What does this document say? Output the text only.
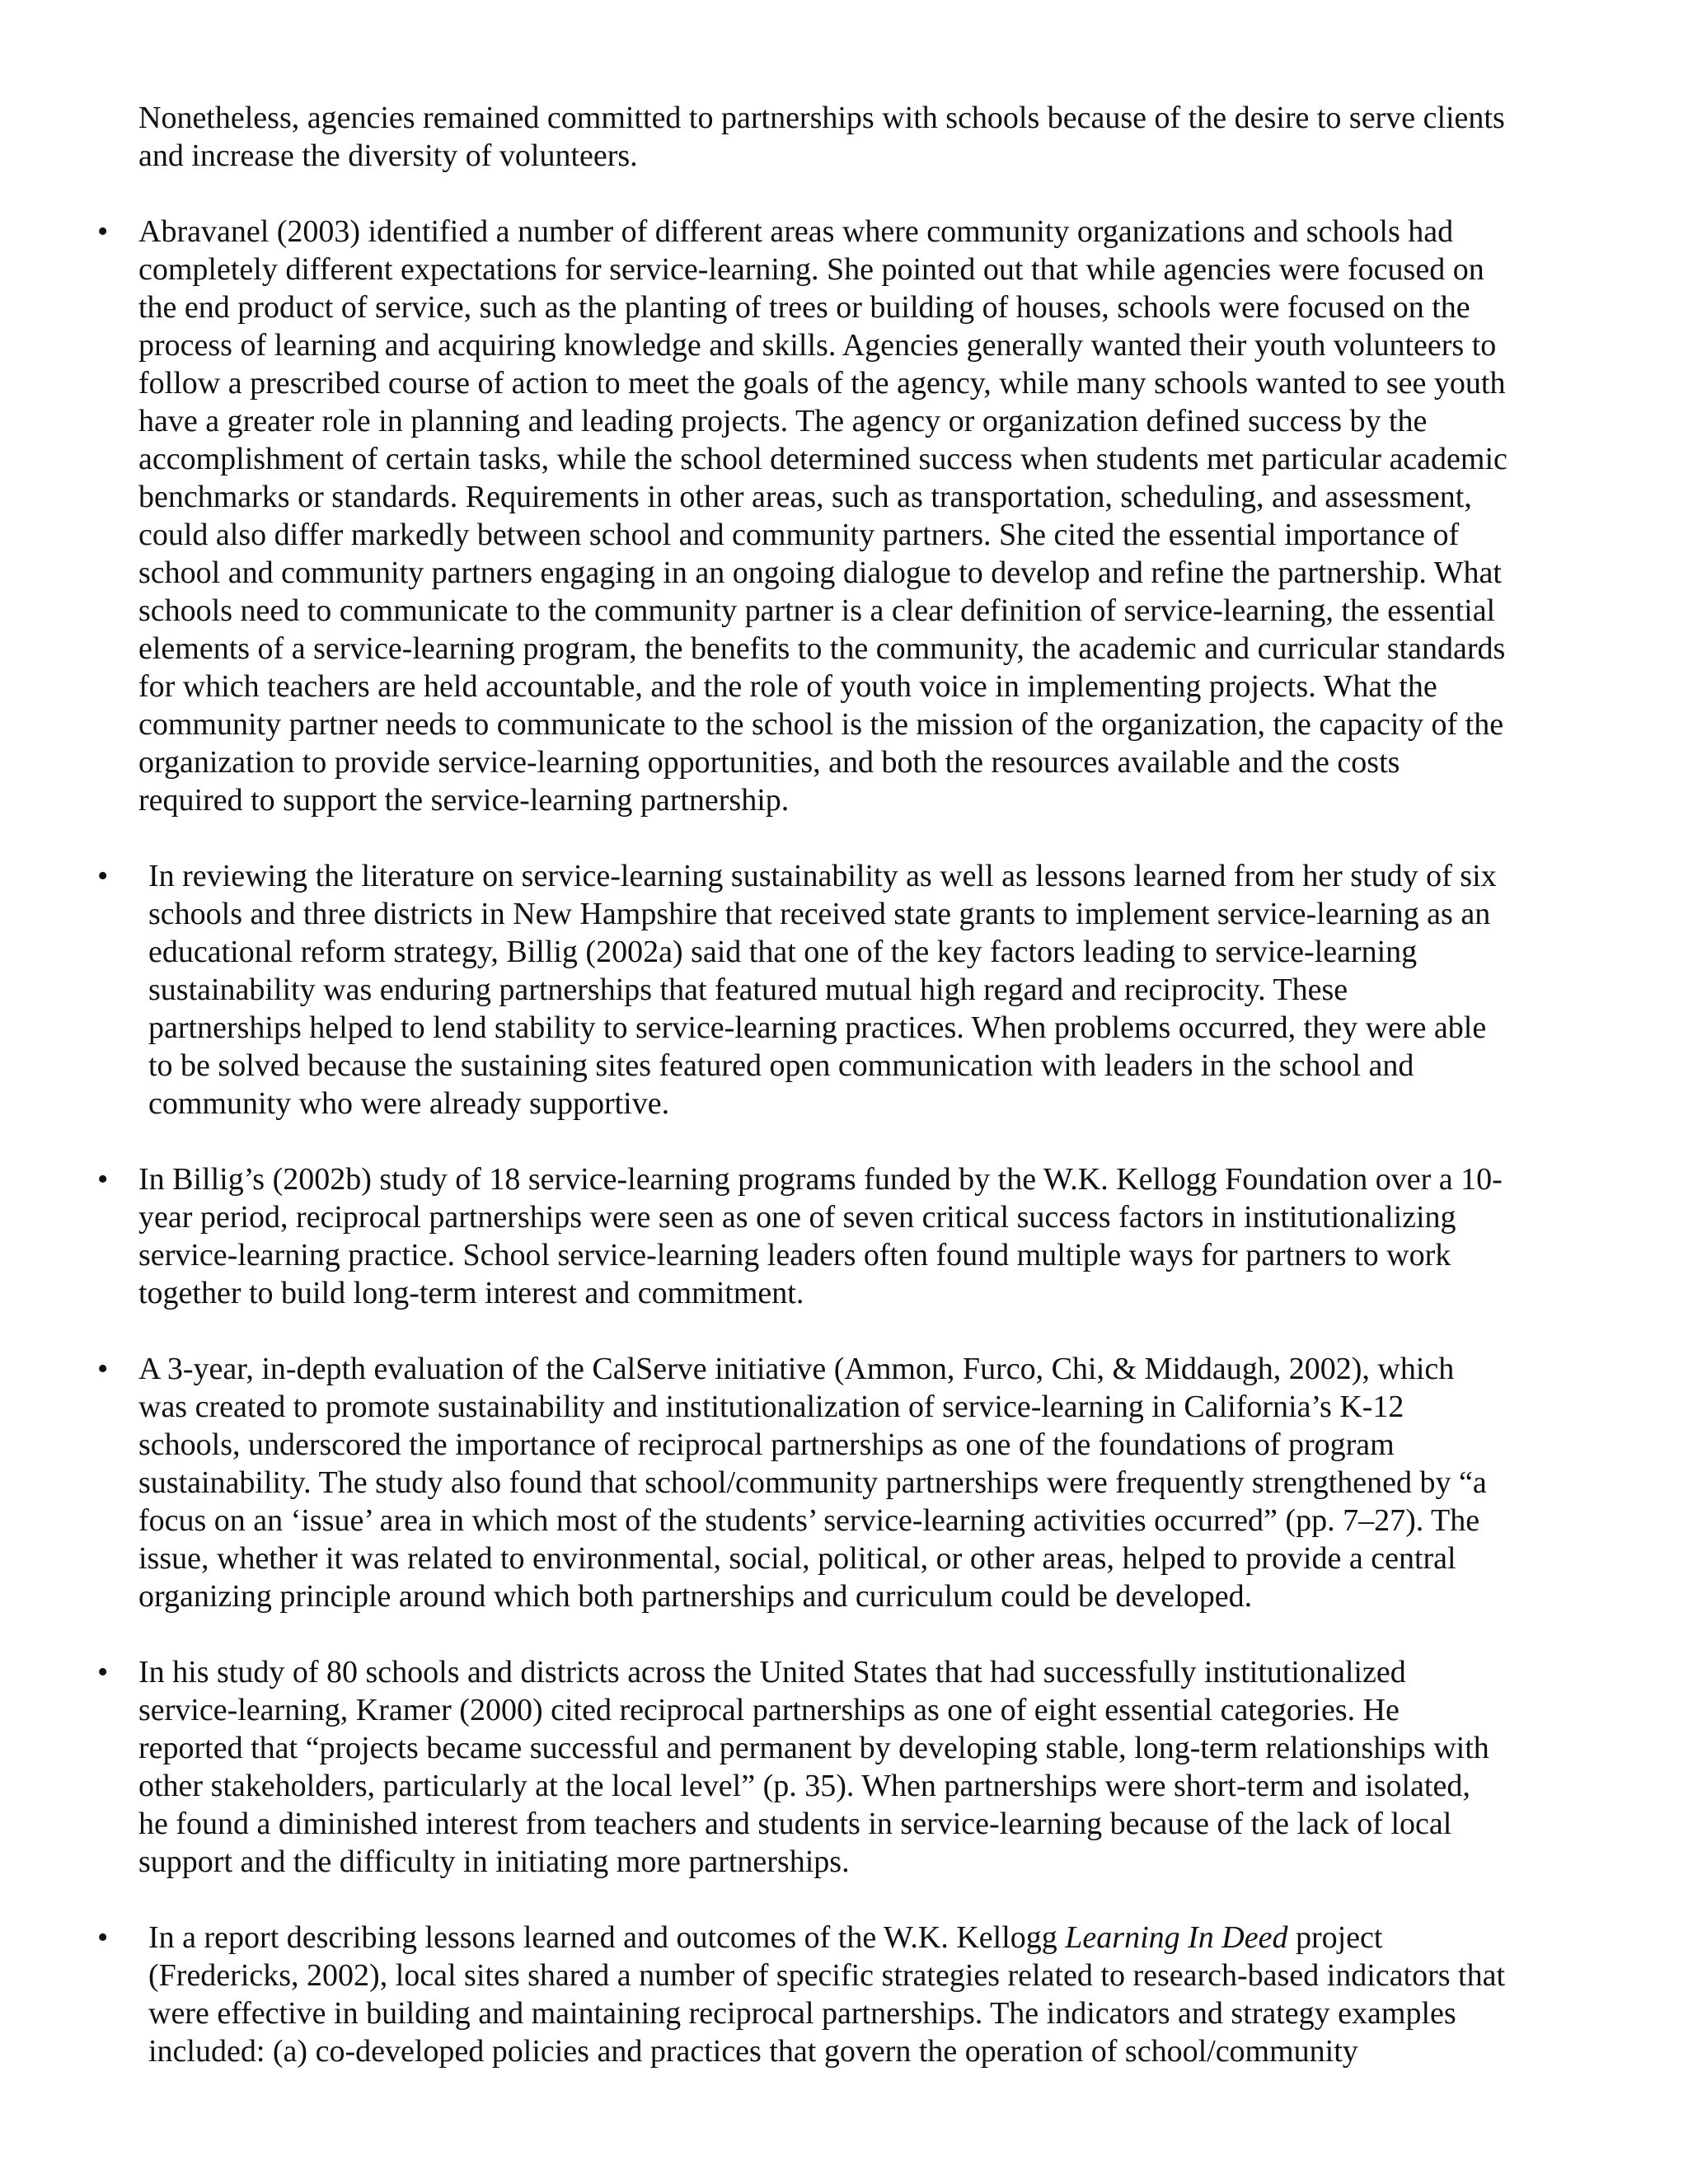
Nonetheless, agencies remained committed to partnerships with schools because of the desire to serve clients
and increase the diversity of volunteers.
• Abravanel (2003) identified a number of different areas where community organizations and schools had
completely different expectations for service-learning. She pointed out that while agencies were focused on
the end product of service, such as the planting of trees or building of houses, schools were focused on the
process of learning and acquiring knowledge and skills. Agencies generally wanted their youth volunteers to
follow a prescribed course of action to meet the goals of the agency, while many schools wanted to see youth
have a greater role in planning and leading projects. The agency or organization defined success by the
accomplishment of certain tasks, while the school determined success when students met particular academic
benchmarks or standards. Requirements in other areas, such as transportation, scheduling, and assessment,
could also differ markedly between school and community partners. She cited the essential importance of
school and community partners engaging in an ongoing dialogue to develop and refine the partnership. What
schools need to communicate to the community partner is a clear definition of service-learning, the essential
elements of a service-learning program, the benefits to the community, the academic and curricular standards
for which teachers are held accountable, and the role of youth voice in implementing projects. What the
community partner needs to communicate to the school is the mission of the organization, the capacity of the
organization to provide service-learning opportunities, and both the resources available and the costs
required to support the service-learning partnership.
• In reviewing the literature on service-learning sustainability as well as lessons learned from her study of six
schools and three districts in New Hampshire that received state grants to implement service-learning as an
educational reform strategy, Billig (2002a) said that one of the key factors leading to service-learning
sustainability was enduring partnerships that featured mutual high regard and reciprocity. These
partnerships helped to lend stability to service-learning practices. When problems occurred, they were able
to be solved because the sustaining sites featured open communication with leaders in the school and
community who were already supportive.
• In Billig’s (2002b) study of 18 service-learning programs funded by the W.K. Kellogg Foundation over a 10-
year period, reciprocal partnerships were seen as one of seven critical success factors in institutionalizing
service-learning practice. School service-learning leaders often found multiple ways for partners to work
together to build long-term interest and commitment.
• A 3-year, in-depth evaluation of the CalServe initiative (Ammon, Furco, Chi, & Middaugh, 2002), which
was created to promote sustainability and institutionalization of service-learning in California’s K-12
schools, underscored the importance of reciprocal partnerships as one of the foundations of program
sustainability. The study also found that school/community partnerships were frequently strengthened by “a
focus on an ‘issue’ area in which most of the students’ service-learning activities occurred” (pp. 7–27). The
issue, whether it was related to environmental, social, political, or other areas, helped to provide a central
organizing principle around which both partnerships and curriculum could be developed.
• In his study of 80 schools and districts across the United States that had successfully institutionalized
service-learning, Kramer (2000) cited reciprocal partnerships as one of eight essential categories. He
reported that “projects became successful and permanent by developing stable, long-term relationships with
other stakeholders, particularly at the local level” (p. 35). When partnerships were short-term and isolated,
he found a diminished interest from teachers and students in service-learning because of the lack of local
support and the difficulty in initiating more partnerships.
• In a report describing lessons learned and outcomes of the W.K. Kellogg Learning In Deed project
(Fredericks, 2002), local sites shared a number of specific strategies related to research-based indicators that
were effective in building and maintaining reciprocal partnerships. The indicators and strategy examples
included: (a) co-developed policies and practices that govern the operation of school/community
